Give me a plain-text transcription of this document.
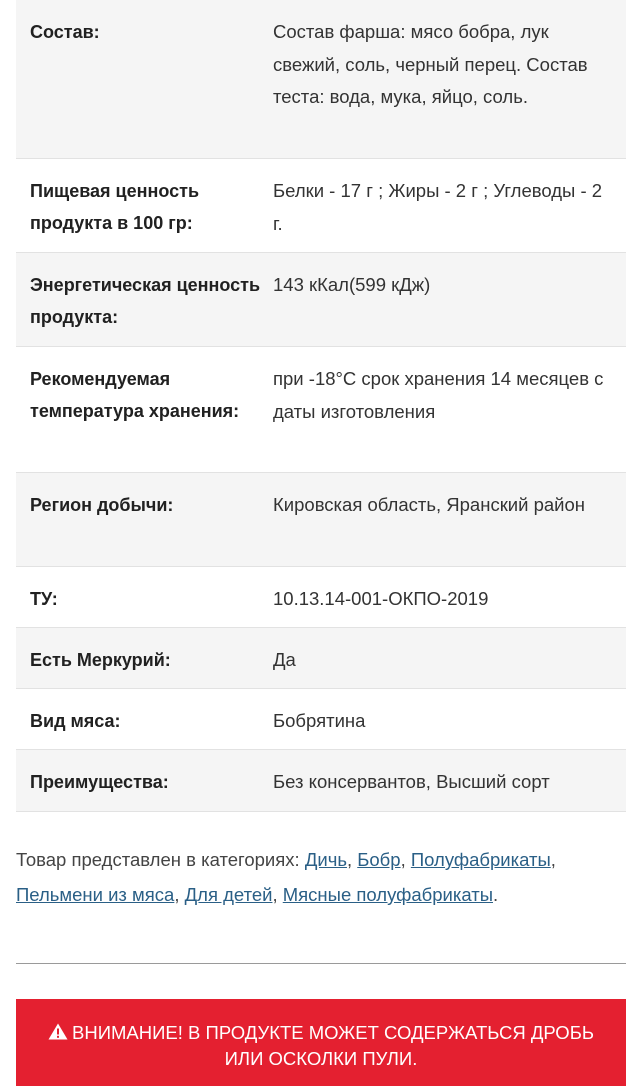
Состав:	Состав фарша: мясо бобра, лук свежий, соль, черный перец. Состав теста: вода, мука, яйцо, соль.
Пищевая ценность продукта в 100 гр:
Белки - 17 г ; Жиры - 2 г ; Углеводы - 2 г.
Энергетическая ценность продукта:
143 кКал(599 кДж)
Рекомендуемая температура хранения:
при -18°С срок хранения 14 месяцев с даты изготовления
Регион добычи:	Кировская область, Яранский район
ТУ:	10.13.14-001-ОКПО-2019
Есть Меркурий:	Да
Вид мяса:	Бобрятина
Преимущества:	Без консервантов, Высший сорт
Товар представлен в категориях: Дичь, Бобр, Полуфабрикаты, Пельмени из мяса, Для детей, Мясные полуфабрикаты.
ВНИМАНИЕ! В ПРОДУКТЕ МОЖЕТ СОДЕРЖАТЬСЯ ДРОБЬ
ИЛИ ОСКОЛКИ ПУЛИ.
